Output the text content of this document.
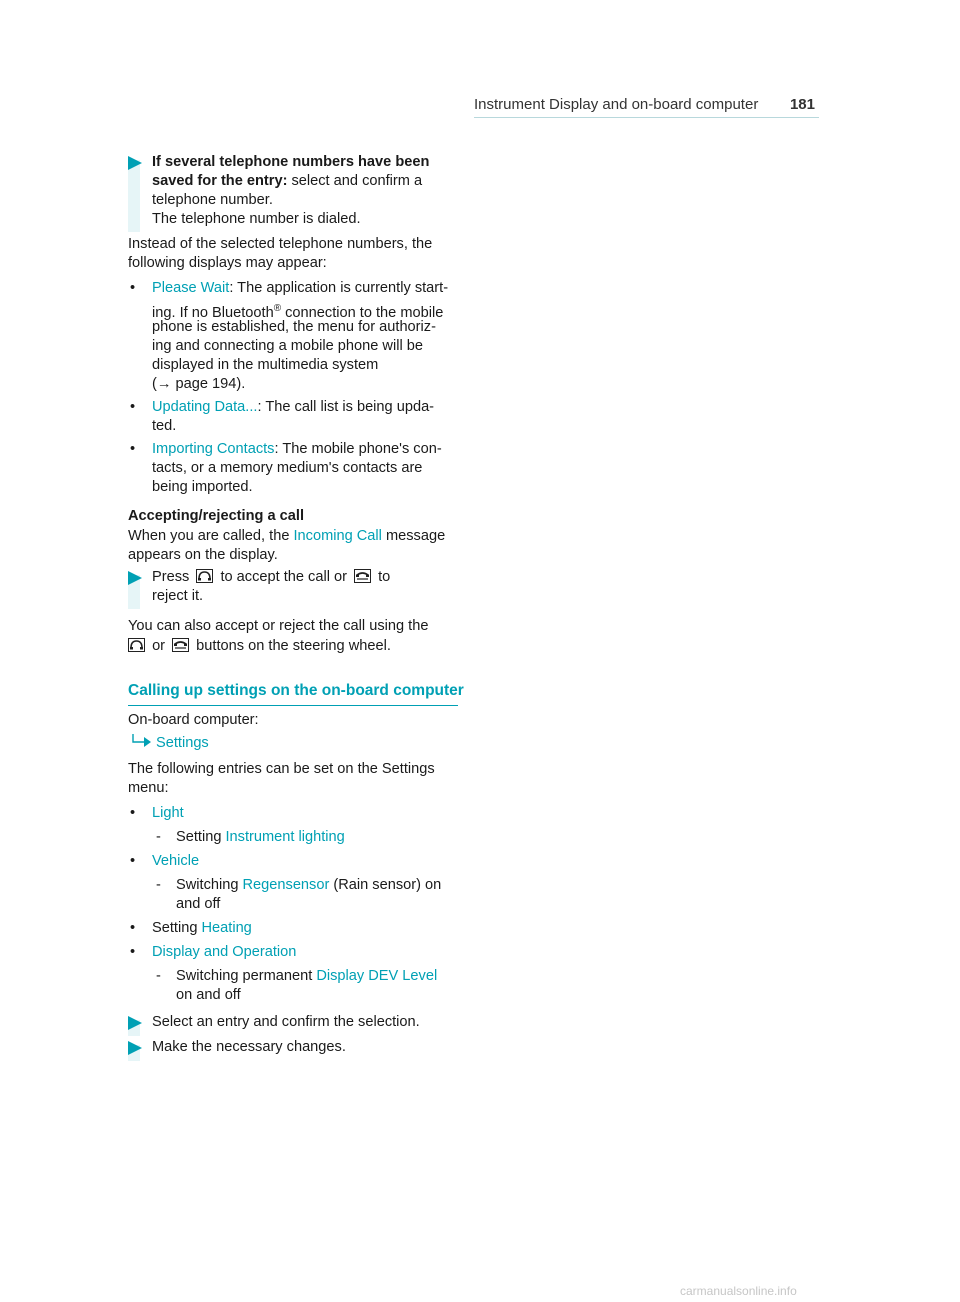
Instrument Display and on-board computer 181
If several telephone numbers have been
saved for the entry: select and confirm a
telephone number.
The telephone number is dialed.
Instead of the selected telephone numbers, the
following displays may appear:
• Please Wait: The application is currently start-
ing. If no Bluetooth® connection to the mobile
phone is established, the menu for authoriz-
ing and connecting a mobile phone will be
displayed in the multimedia system
(→ page 194).
• Updating Data...: The call list is being upda-
ted.
• Importing Contacts: The mobile phone's con-
tacts, or a memory medium's contacts are
being imported.
Accepting/rejecting a call
When you are called, the Incoming Call message
appears on the display.
Press to accept the call or to
reject it.
You can also accept or reject the call using the
or buttons on the steering wheel.
Calling up settings on the on-board computer
On-board computer:
Settings
The following entries can be set on the Settings
menu:
• Light
- Setting Instrument lighting
• Vehicle
- Switching Regensensor (Rain sensor) on
and off
• Setting Heating
• Display and Operation
- Switching permanent Display DEV Level
on and off
Select an entry and confirm the selection.
Make the necessary changes.
carmanualsonline.info
